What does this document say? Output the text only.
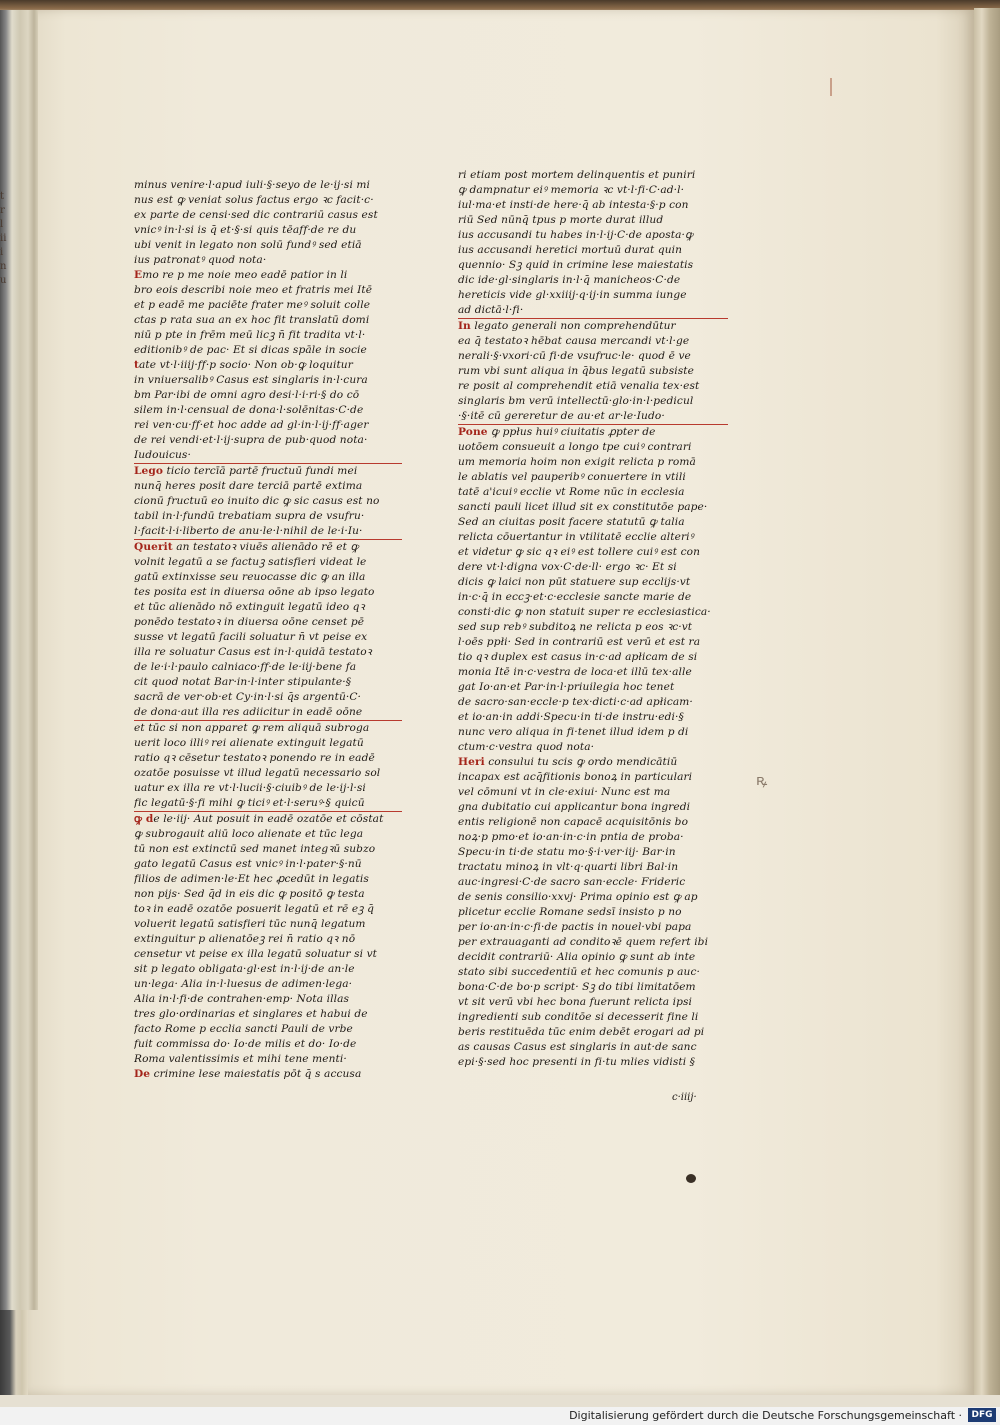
t
r
l
ii
i
n
u
minus venire·l·apud iuli·§·seyo de le·ij·si mi
nus est ꝙ veniat solus factus ergo ꝛc facit·c·
ex parte de censi·sed dic contrariū casus est
vnicꝰ in·l·si is q̄ et·§·si quis tēaff·de re du
ubi venit in legato non solū fundꝰ sed etiā
ius patronatꝰ quod nota·
Emo re p me noie meo eadē patior in li
bro eois describi noie meo et fratris mei Itē
et p eadē me paciēte frater meꝰ soluit colle
ctas p rata sua an ex hoc fit translatū domi
niū p pte in frēm meū licꝫ n̄ fit tradita vt·l·
editionibꝰ de pac· Et si dicas spāle in socie
tate vt·l·iiij·ff·p socio· Non ob·ꝙ loquitur
in vniuersalibꝰ Casus est singlaris in·l·cura
bm Par·ibi de omni agro desi·l·i·ri·§ do cō
silem in·l·censual de dona·l·solēnitas·C·de
rei ven·cu·ff·et hoc adde ad gl·in·l·ij·ff·ager
de rei vendi·et·l·ij·supra de pub·quod nota·
Iudouicus·
Lego ticio tercīā partē fructuū fundi mei
nunq̄ heres posit dare terciā partē extima
cionū fructuū eo inuito dic ꝙ sic casus est no
tabil in·l·fundū trebatiam supra de vsufru·
l·facit·l·i·liberto de anu·le·l·nihil de le·i·Iu·
Querit an testatoꝛ viuēs alienādo rē et ꝙ
volnit legatū a se factuꝫ satisfieri videat le
gatū extinxisse seu reuocasse dic ꝙ an illa
tes posita est in diuersa oōne ab ipso legato
et tūc alienādo nō extinguit legatū ideo qꝛ
ponēdo testatoꝛ in diuersa oōne censet pē
susse vt legatū facili soluatur n̄ vt peise ex
illa re soluatur Casus est in·l·quidā testatoꝛ
de le·i·l·paulo calniaco·ff·de le·iij·bene fa
cit quod notat Bar·in·l·inter stipulante·§
sacrā de ver·ob·et Cy·in·l·si q̄s argentū·C·
de dona·aut illa res adiicitur in eadē oōne
et tūc si non apparet ꝙ rem aliquā subroga
uerit loco illiꝰ rei alienate extinguit legatū
ratio qꝛ cēsetur testatoꝛ ponendo re in eadē
ozatōe posuisse vt illud legatū necessario sol
uatur ex illa re vt·l·lucii·§·ciuibꝰ de le·ij·l·si
fic legatū·§·fi mihi ꝙ ticiꝰ et·l·seruꝰ·§ quicū
ꝙ de le·iij· Aut posuit in eadē ozatōe et cōstat
ꝙ subrogauit aliū loco alienate et tūc lega
tū non est extinctū sed manet integꝛū subzo
gato legatū Casus est vnicꝰ in·l·pater·§·nū
filios de adimen·le·Et hec ꝓcedūt in legatis
non pijs· Sed q̄d in eis dic ꝙ positō ꝙ testa
toꝛ in eadē ozatōe posuerit legatū et rē eꝫ q̄
voluerit legatū satisfieri tūc nunq̄ legatum
extinguitur p alienatōeꝫ rei n̄ ratio qꝛ nō
censetur vt peise ex illa legatū soluatur si vt
sit p legato obligata·gl·est in·l·ij·de an·le
un·lega· Alia in·l·luesus de adimen·lega·
Alia in·l·fi·de contrahen·emp· Nota illas
tres glo·ordinarias et singlares et habui de
facto Rome p ecclia sancti Pauli de vrbe
fuit commissa do· Io·de milis et do· Io·de
Roma valentissimis et mihi tene menti·
De crimine lese maiestatis pōt q̄ s accusa
ri etiam post mortem delinquentis et puniri
ꝙ dampnatur eiꝰ memoria ꝛc vt·l·fi·C·ad·l·
iul·ma·et insti·de here·q̄ ab intesta·§·p con
riū Sed nūnq̄ tpus p morte durat illud
ius accusandi tu habes in·l·ij·C·de aposta·ꝙ
ius accusandi heretici mortuū durat quin
quennio· Sꝫ quid in crimine lese maiestatis
dic ide·gl·singlaris in·l·q̄ manicheos·C·de
hereticis vide gl·xxiiij·q·ij·in summa iunge
ad dictā·l·fi·
In legato generali non comprehendūtur
ea q̄ testatoꝛ hēbat causa mercandi vt·l·ge
nerali·§·vxori·cū fi·de vsufruc·le· quod ē ve
rum vbi sunt aliqua in q̄bus legatū subsiste
re posit al comprehendit etiā venalia tex·est
singlaris bm verū intellectū·glo·in·l·pedicul
·§·itē cū gereretur de au·et ar·le·Iudo·
Pone ꝙ ppłus huiꝰ ciuitatis ꝓpter de
uotōem consueuit a longo tpe cuiꝰ contrari
um memoria hoim non exigit relicta p romā
le ablatis vel pauperibꝰ conuertere in vtili
tatē a'icuiꝰ ecclie vt Rome nūc in ecclesia
sancti pauli licet illud sit ex constitutōe pape·
Sed an ciuitas posit facere statutū ꝙ talia
relicta cōuertantur in vtilitatē ecclie alteriꝰ
et videtur ꝙ sic qꝛ eiꝰ est tollere cuiꝰ est con
dere vt·l·digna vox·C·de·ll· ergo ꝛc· Et si
dicis ꝙ laici non pūt statuere sup ecclijs·vt
in·c·q̄ in eccꝫ·et·c·ecclesie sancte marie de
consti·dic ꝙ non statuit super re ecclesiastica·
sed sup rebꝰ subditoꝝ ne relicta p eos ꝛc·vt
l·oēs ppłi· Sed in contrariū est verū et est ra
tio qꝛ duplex est casus in·c·ad apłicam de si
monia Itē in·c·vestra de loca·et illū tex·alle
gat Io·an·et Par·in·l·priuilegia hoc tenet
de sacro·san·eccle·p tex·dicti·c·ad apłicam·
et io·an·in addi·Specu·in ti·de instru·edi·§
nunc vero aliqua in fi·tenet illud idem p di
ctum·c·vestra quod nota·
Heri consului tu scis ꝙ ordo mendicātiū
incapax est acq̄fitionis bonoꝝ in particulari
vel cōmuni vt in cle·exiui· Nunc est ma
gna dubitatio cui applicantur bona ingredi
entis religionē non capacē acquisitōnis bo
noꝝ·p pmo·et io·an·in·c·in pntia de proba·
Specu·in ti·de statu mo·§·i·ver·iij· Bar·in
tractatu minoꝝ in vlt·q·quarti libri Bal·in
auc·ingresi·C·de sacro san·eccle· Frideric
de senis consilio·xxvj· Prima opinio est ꝙ ap
plicetur ecclie Romane sedsī insisto p no
per io·an·in·c·fi·de pactis in nouel·vbi papa
per extrauaganti ad conditoꝛē quem refert ibi
decidit contrariū· Alia opinio ꝙ sunt ab inte
stato sibi succedentiū et hec comunis p auc·
bona·C·de bo·p script· Sꝫ do tibi limitatōem
vt sit verū vbi hec bona fuerunt relicta ipsi
ingredienti sub conditōe si decesserit fine li
beris restituēda tūc enim debēt erogari ad pi
as causas Casus est singlaris in aut·de sanc
epi·§·sed hoc presenti in fi·tu mlies vidisti §
ꝶ
c·iiij·
Digitalisierung gefördert durch die Deutsche Forschungsgemeinschaft ·	DFG
